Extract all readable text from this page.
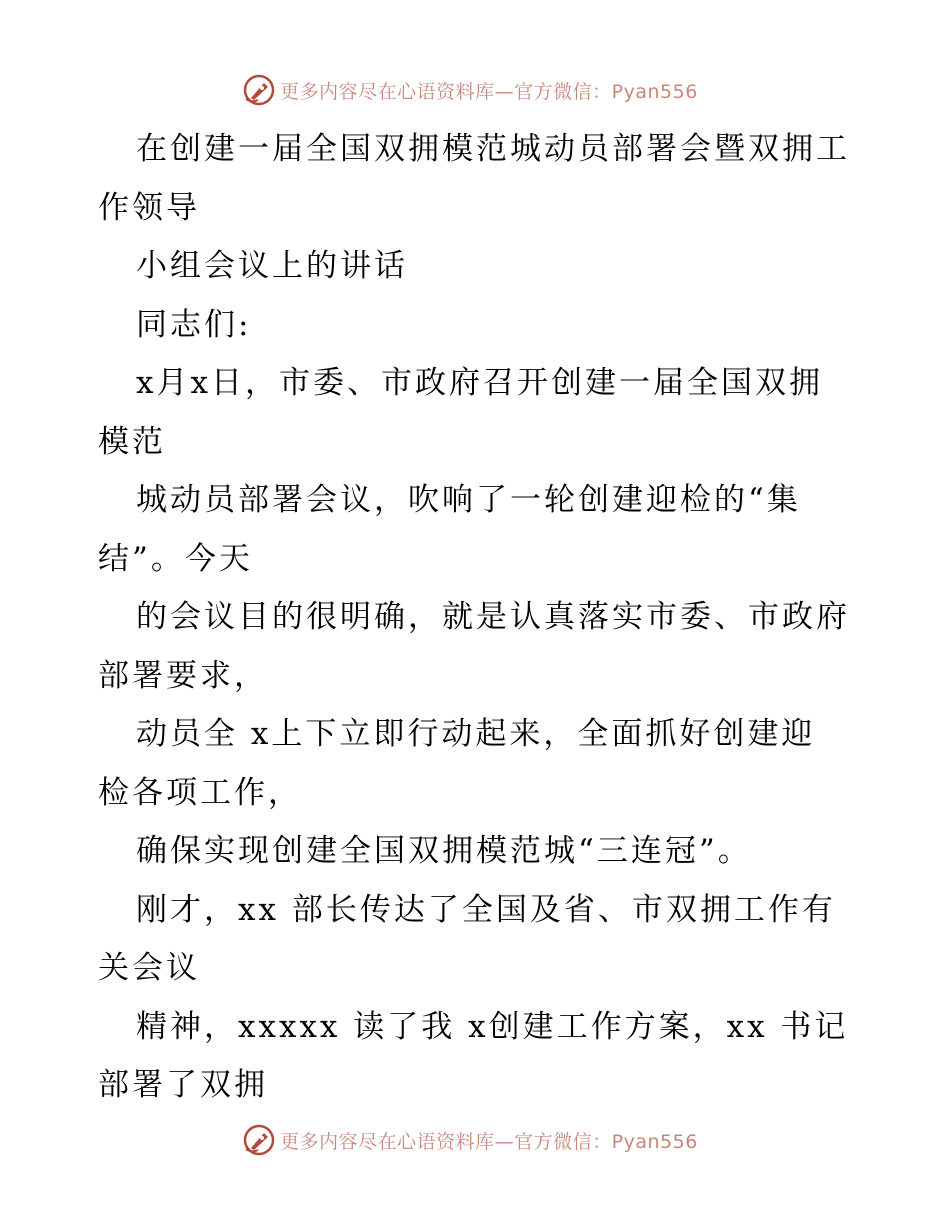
更多内容尽在心语资料库—官方微信：Pyan556
在创建一届全国双拥模范城动员部署会暨双拥工
作领导
小组会议上的讲话
同志们:
x月x日，市委、市政府召开创建一届全国双拥
模范
城动员部署会议，吹响了一轮创建迎检的“集
结”。今天
的会议目的很明确，就是认真落实市委、市政府
部署要求，
动员全 x上下立即行动起来，全面抓好创建迎
检各项工作，
确保实现创建全国双拥模范城“三连冠”。
刚才，xx 部长传达了全国及省、市双拥工作有
关会议
精神，xxxxx 读了我 x创建工作方案，xx 书记
部署了双拥
更多内容尽在心语资料库—官方微信：Pyan556
